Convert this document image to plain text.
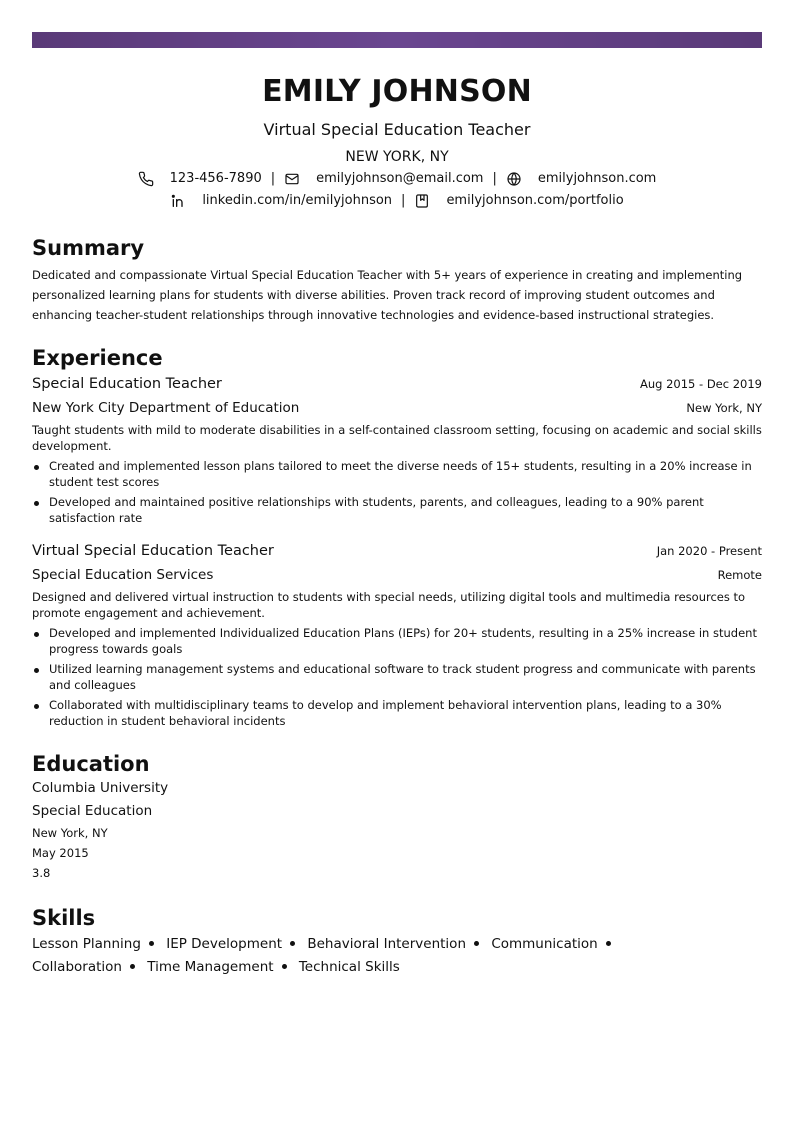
EMILY JOHNSON
Virtual Special Education Teacher
NEW YORK, NY
123-456-7890 |	emilyjohnson@email.com |	emilyjohnson.com
linkedin.com/in/emilyjohnson |	emilyjohnson.com/portfolio
Summary
Dedicated and compassionate Virtual Special Education Teacher with 5+ years of experience in creating and implementing personalized learning plans for students with diverse abilities. Proven track record of improving student outcomes and enhancing teacher-student relationships through innovative technologies and evidence-based instructional strategies.
Experience
Special Education Teacher	Aug 2015 - Dec 2019
New York City Department of Education	New York, NY
Taught students with mild to moderate disabilities in a self-contained classroom setting, focusing on academic and social skills development.
Created and implemented lesson plans tailored to meet the diverse needs of 15+ students, resulting in a 20% increase in student test scores
Developed and maintained positive relationships with students, parents, and colleagues, leading to a 90% parent satisfaction rate
Virtual Special Education Teacher	Jan 2020 - Present
Special Education Services	Remote
Designed and delivered virtual instruction to students with special needs, utilizing digital tools and multimedia resources to promote engagement and achievement.
Developed and implemented Individualized Education Plans (IEPs) for 20+ students, resulting in a 25% increase in student progress towards goals
Utilized learning management systems and educational software to track student progress and communicate with parents and colleagues
Collaborated with multidisciplinary teams to develop and implement behavioral intervention plans, leading to a 30% reduction in student behavioral incidents
Education
Columbia University
Special Education
New York, NY
May 2015
3.8
Skills
Lesson Planning IEP Development Behavioral Intervention Communication Collaboration Time Management Technical Skills
